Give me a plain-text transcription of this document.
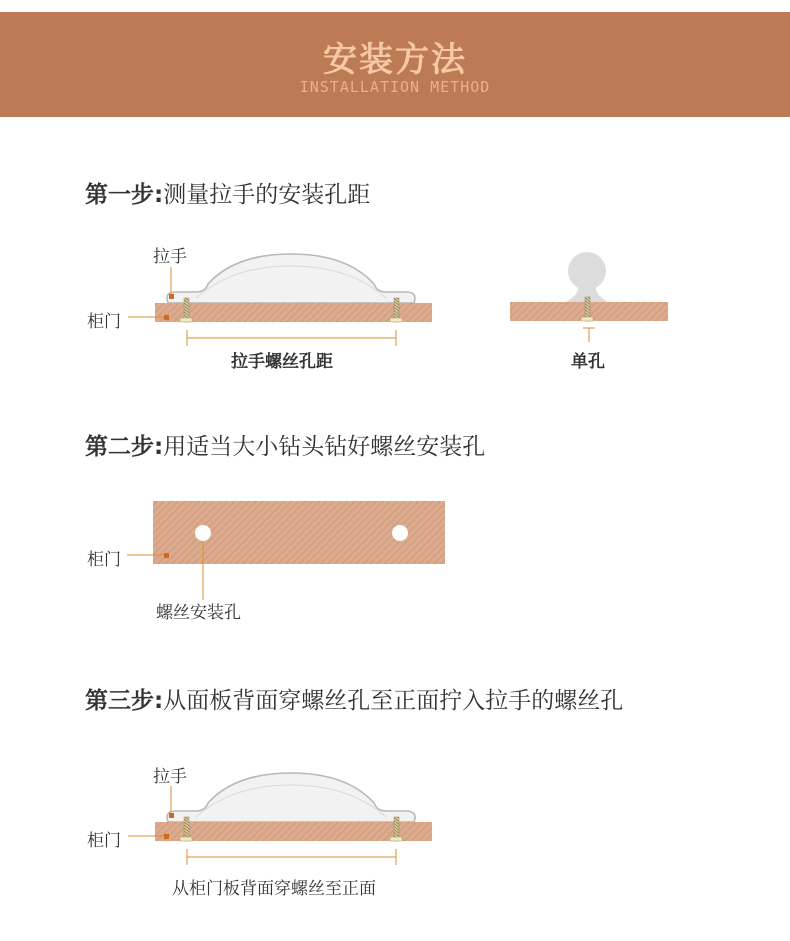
安装方法
INSTALLATION METHOD
第一步:测量拉手的安装孔距
第二步:用适当大小钻头钻好螺丝安装孔
第三步:从面板背面穿螺丝孔至正面拧入拉手的螺丝孔
拉手
柜门
拉手螺丝孔距	单孔
柜门
螺丝安装孔
拉手
柜门
从柜门板背面穿螺丝至正面
